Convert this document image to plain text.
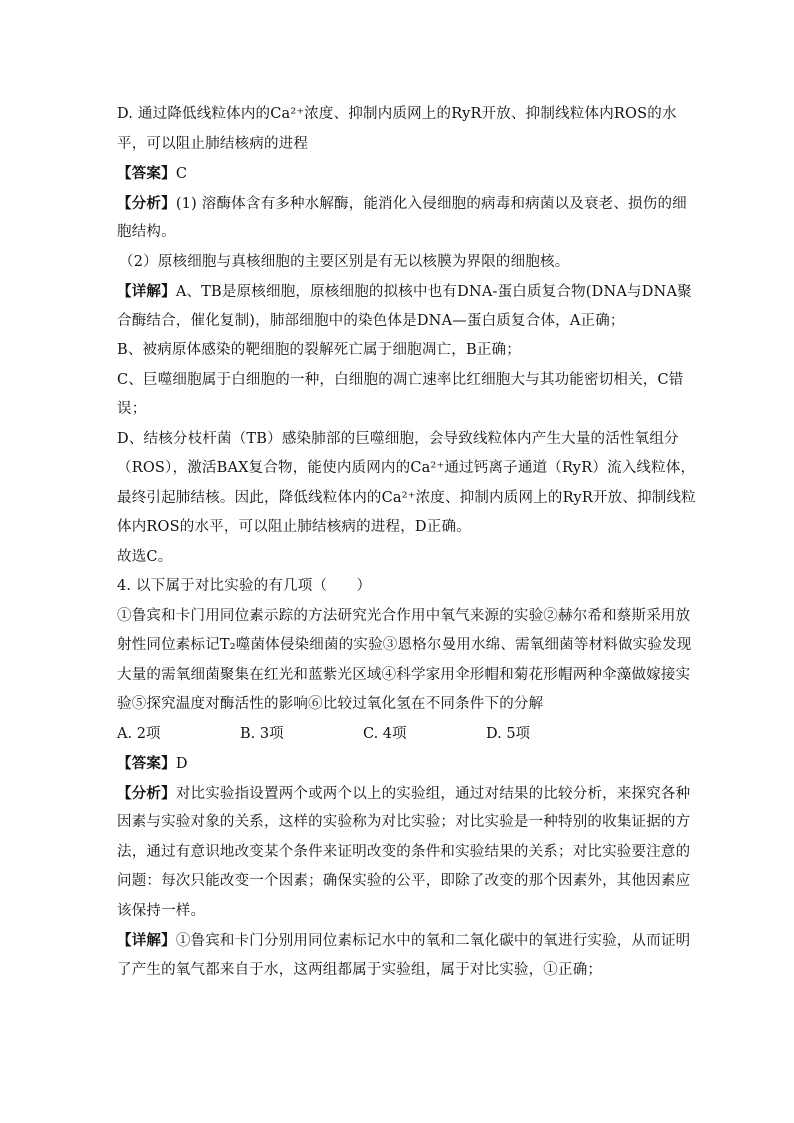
D. 通过降低线粒体内的Ca²⁺浓度、抑制内质网上的RyR开放、抑制线粒体内ROS的水
平，可以阻止肺结核病的进程
【答案】C
【分析】(1) 溶酶体含有多种水解酶，能消化入侵细胞的病毒和病菌以及衰老、损伤的细
胞结构。
（2）原核细胞与真核细胞的主要区别是有无以核膜为界限的细胞核。
【详解】A、TB是原核细胞，原核细胞的拟核中也有DNA-蛋白质复合物(DNA与DNA聚
合酶结合，催化复制)，肺部细胞中的染色体是DNA—蛋白质复合体，A正确；
B、被病原体感染的靶细胞的裂解死亡属于细胞凋亡，B正确；
C、巨噬细胞属于白细胞的一种，白细胞的凋亡速率比红细胞大与其功能密切相关，C错
误；
D、结核分枝杆菌（TB）感染肺部的巨噬细胞，会导致线粒体内产生大量的活性氧组分
（ROS），激活BAX复合物，能使内质网内的Ca²⁺通过钙离子通道（RyR）流入线粒体，
最终引起肺结核。因此，降低线粒体内的Ca²⁺浓度、抑制内质网上的RyR开放、抑制线粒
体内ROS的水平，可以阻止肺结核病的进程，D正确。
故选C。
4. 以下属于对比实验的有几项（　　）
①鲁宾和卡门用同位素示踪的方法研究光合作用中氧气来源的实验②赫尔希和蔡斯采用放
射性同位素标记T₂噬菌体侵染细菌的实验③恩格尔曼用水绵、需氧细菌等材料做实验发现
大量的需氧细菌聚集在红光和蓝紫光区域④科学家用伞形帽和菊花形帽两种伞藻做嫁接实
验⑤探究温度对酶活性的影响⑥比较过氧化氢在不同条件下的分解
A. 2项	B. 3项	C. 4项	D. 5项
【答案】D
【分析】对比实验指设置两个或两个以上的实验组，通过对结果的比较分析，来探究各种
因素与实验对象的关系，这样的实验称为对比实验；对比实验是一种特别的收集证据的方
法，通过有意识地改变某个条件来证明改变的条件和实验结果的关系；对比实验要注意的
问题：每次只能改变一个因素；确保实验的公平，即除了改变的那个因素外，其他因素应
该保持一样。
【详解】①鲁宾和卡门分别用同位素标记水中的氧和二氧化碳中的氧进行实验，从而证明
了产生的氧气都来自于水，这两组都属于实验组，属于对比实验，①正确；
